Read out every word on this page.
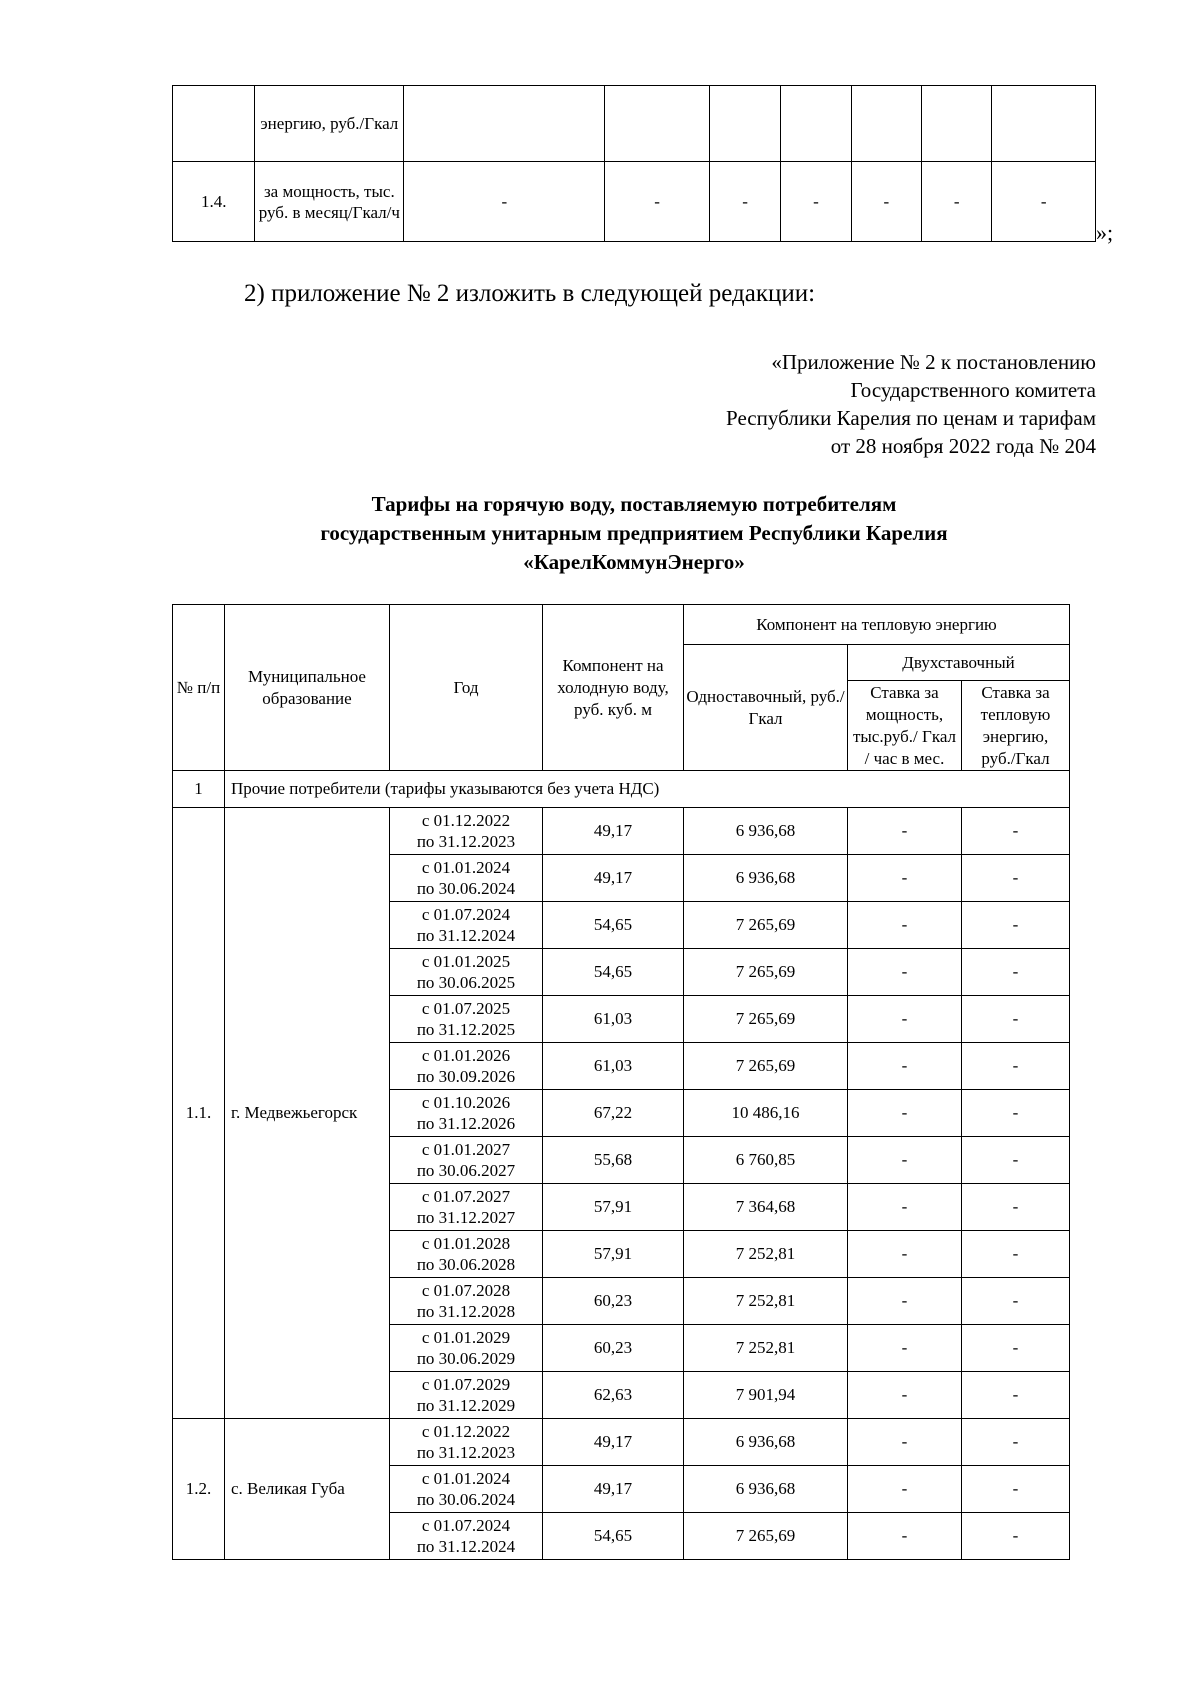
	энергию, руб./Гкал							
1.4.	за мощность, тыс. руб. в месяц/Гкал/ч	-	-	-	-	-	-	-
»;
2) приложение № 2 изложить в следующей редакции:
«Приложение № 2 к постановлению
Государственного комитета
Республики Карелия по ценам и тарифам
от 28 ноября 2022 года № 204
Тарифы на горячую воду, поставляемую потребителям
государственным унитарным предприятием Республики Карелия
«КарелКоммунЭнерго»
№ п/п	Муниципальное образование	Год	Компонент на холодную воду, руб. куб. м	Компонент на тепловую энергию		
				Одноставочный, руб./Гкал	Двухставочный	
					Ставка за мощность, тыс.руб./ Гкал / час в мес.	Ставка за тепловую энергию, руб./Гкал

1	Прочие потребители (тарифы указываются без учета НДС)					
1.1.	г. Медвежьегорск	с 01.12.2022
по 31.12.2023	49,17	6 936,68	-	-

		с 01.01.2024
по 30.06.2024	49,17	6 936,68	-	-

		с 01.07.2024
по 31.12.2024	54,65	7 265,69	-	-

		с 01.01.2025
по 30.06.2025	54,65	7 265,69	-	-

		с 01.07.2025
по 31.12.2025	61,03	7 265,69	-	-

		с 01.01.2026
по 30.09.2026	61,03	7 265,69	-	-

		с 01.10.2026
по 31.12.2026	67,22	10 486,16	-	-

		с 01.01.2027
по 30.06.2027	55,68	6 760,85	-	-

		с 01.07.2027
по 31.12.2027	57,91	7 364,68	-	-

		с 01.01.2028
по 30.06.2028	57,91	7 252,81	-	-

		с 01.07.2028
по 31.12.2028	60,23	7 252,81	-	-

		с 01.01.2029
по 30.06.2029	60,23	7 252,81	-	-

		с 01.07.2029
по 31.12.2029	62,63	7 901,94	-	-
1.2.	с. Великая Губа	с 01.12.2022
по 31.12.2023	49,17	6 936,68	-	-

		с 01.01.2024
по 30.06.2024	49,17	6 936,68	-	-

		с 01.07.2024
по 31.12.2024	54,65	7 265,69	-	-
